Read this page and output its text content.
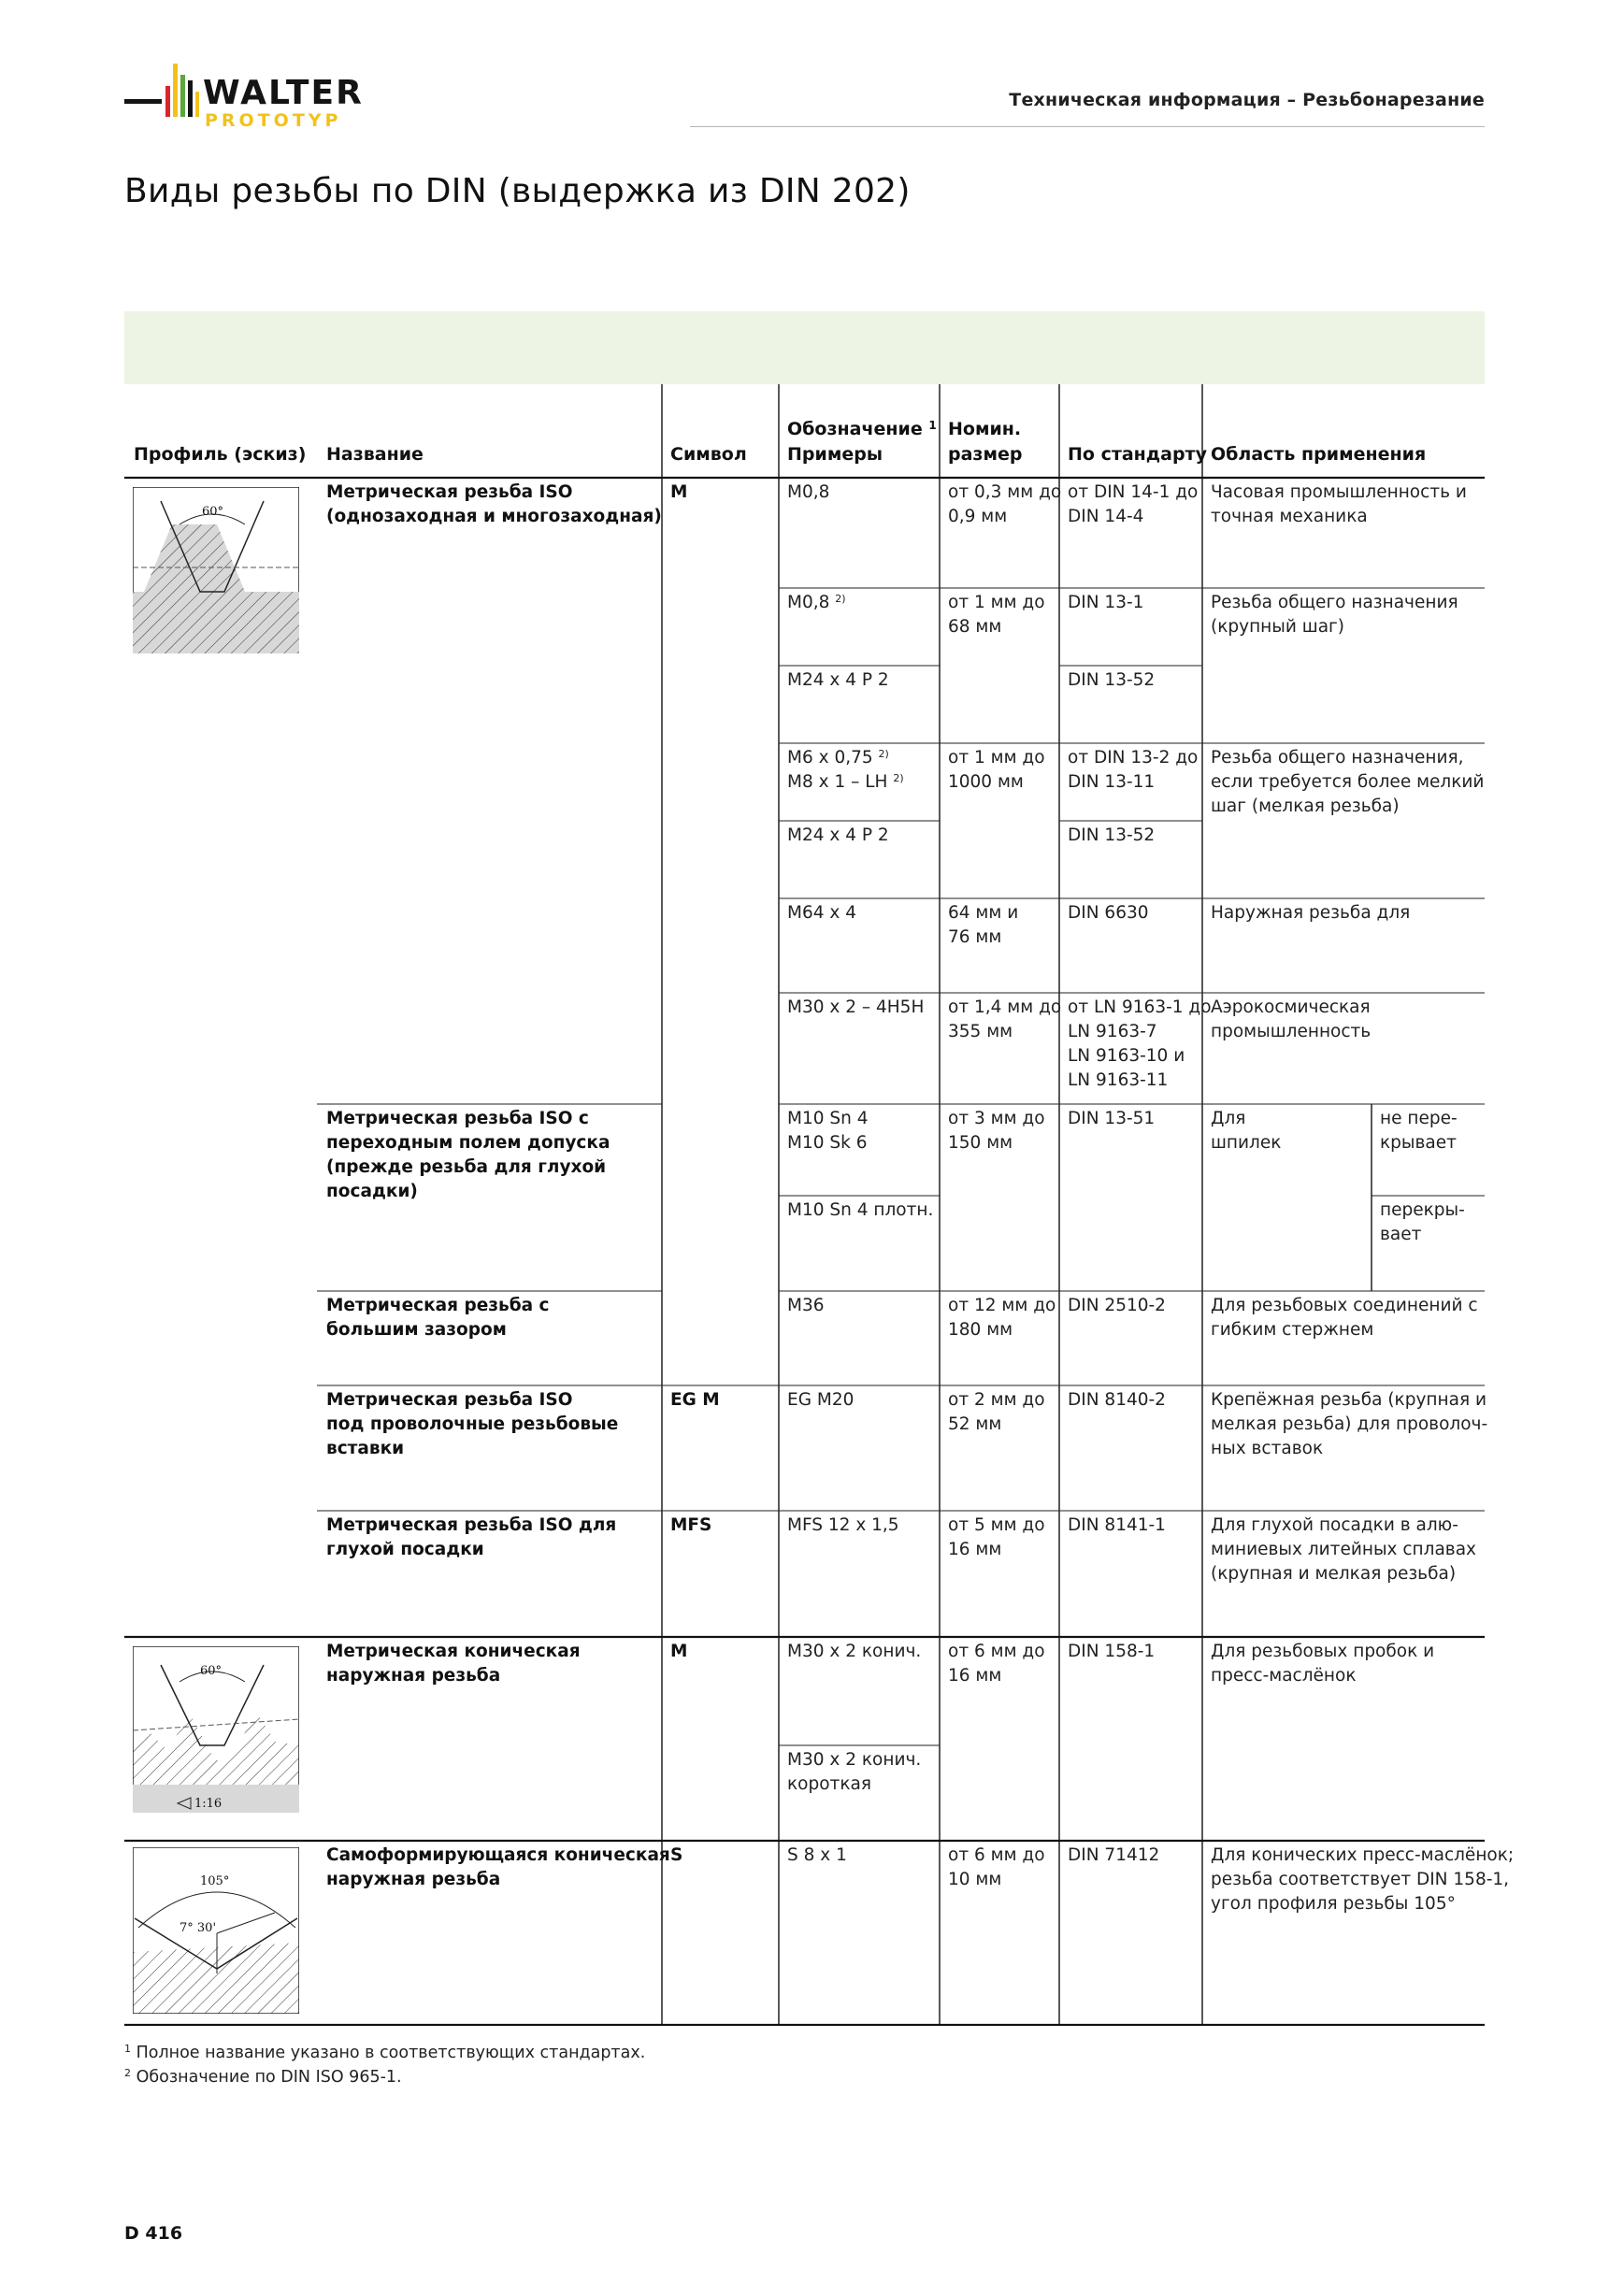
WALTER
PROTOTYP
Техническая информация – Резьбонарезание
Виды резьбы по DIN (выдержка из DIN 202)
Профиль (эскиз) Название	Символ
Обозначение $^1$
Примеры
Номин.
размер	По стандарту Область применения
60°
60°
1:16
105°
7° 30'
Метрическая резьба ISO
(однозаходная и многозаходная)
Метрическая резьба ISO с
переходным полем допуска
(прежде резьба для глухой
посадки)
Метрическая резьба с
большим зазором
Метрическая резьба ISO
под проволочные резьбовые
вставки
Метрическая резьба ISO для
глухой посадки
Метрическая коническая
наружная резьба
Самоформирующаяся коническая
наружная резьба
M
EG M
MFS
M
S
M0,8
M0,8 $^{2)}$
M24 x 4 P 2
M6 x 0,75 $^{2)}$
M8 x 1 – LH $^{2)}$
M24 x 4 P 2
M64 x 4
M30 x 2 – 4H5H
M10 Sn 4
M10 Sk 6
M10 Sn 4 плотн.
M36
EG M20
MFS 12 x 1,5
M30 x 2 конич.
M30 x 2 конич.
короткая
S 8 x 1
от 0,3 мм до
0,9 мм
от 1 мм до
68 мм
от 1 мм до
1000 мм
64 мм и
76 мм
от 1,4 мм до
355 мм
от 3 мм до
150 мм
от 12 мм до
180 мм
от 2 мм до
52 мм
от 5 мм до
16 мм
от 6 мм до
16 мм
от 6 мм до
10 мм
от DIN 14-1 до
DIN 14-4
DIN 13-1
DIN 13-52
от DIN 13-2 до
DIN 13-11
DIN 13-52
DIN 6630
от LN 9163-1 до
LN 9163-7
LN 9163-10 и
LN 9163-11
DIN 13-51
DIN 2510-2
DIN 8140-2
DIN 8141-1
DIN 158-1
DIN 71412
Часовая промышленность и
точная механика
Резьба общего назначения
(крупный шаг)
Резьба общего назначения,
если требуется более мелкий
шаг (мелкая резьба)
Наружная резьба для
Аэрокосмическая
промышленность
Для
шпилек
не пере-
крывает
перекры-
вает
Для резьбовых соединений с
гибким стержнем
Крепёжная резьба (крупная и
мелкая резьба) для проволоч-
ных вставок
Для глухой посадки в алю-
миниевых литейных сплавах
(крупная и мелкая резьба)
Для резьбовых пробок и
пресс-маслёнок
Для конических пресс-маслёнок;
резьба соответствует DIN 158-1,
угол профиля резьбы 105°
$^1$ Полное название указано в соответствующих стандартах.
$^2$ Обозначение по DIN ISO 965-1.
D 416
